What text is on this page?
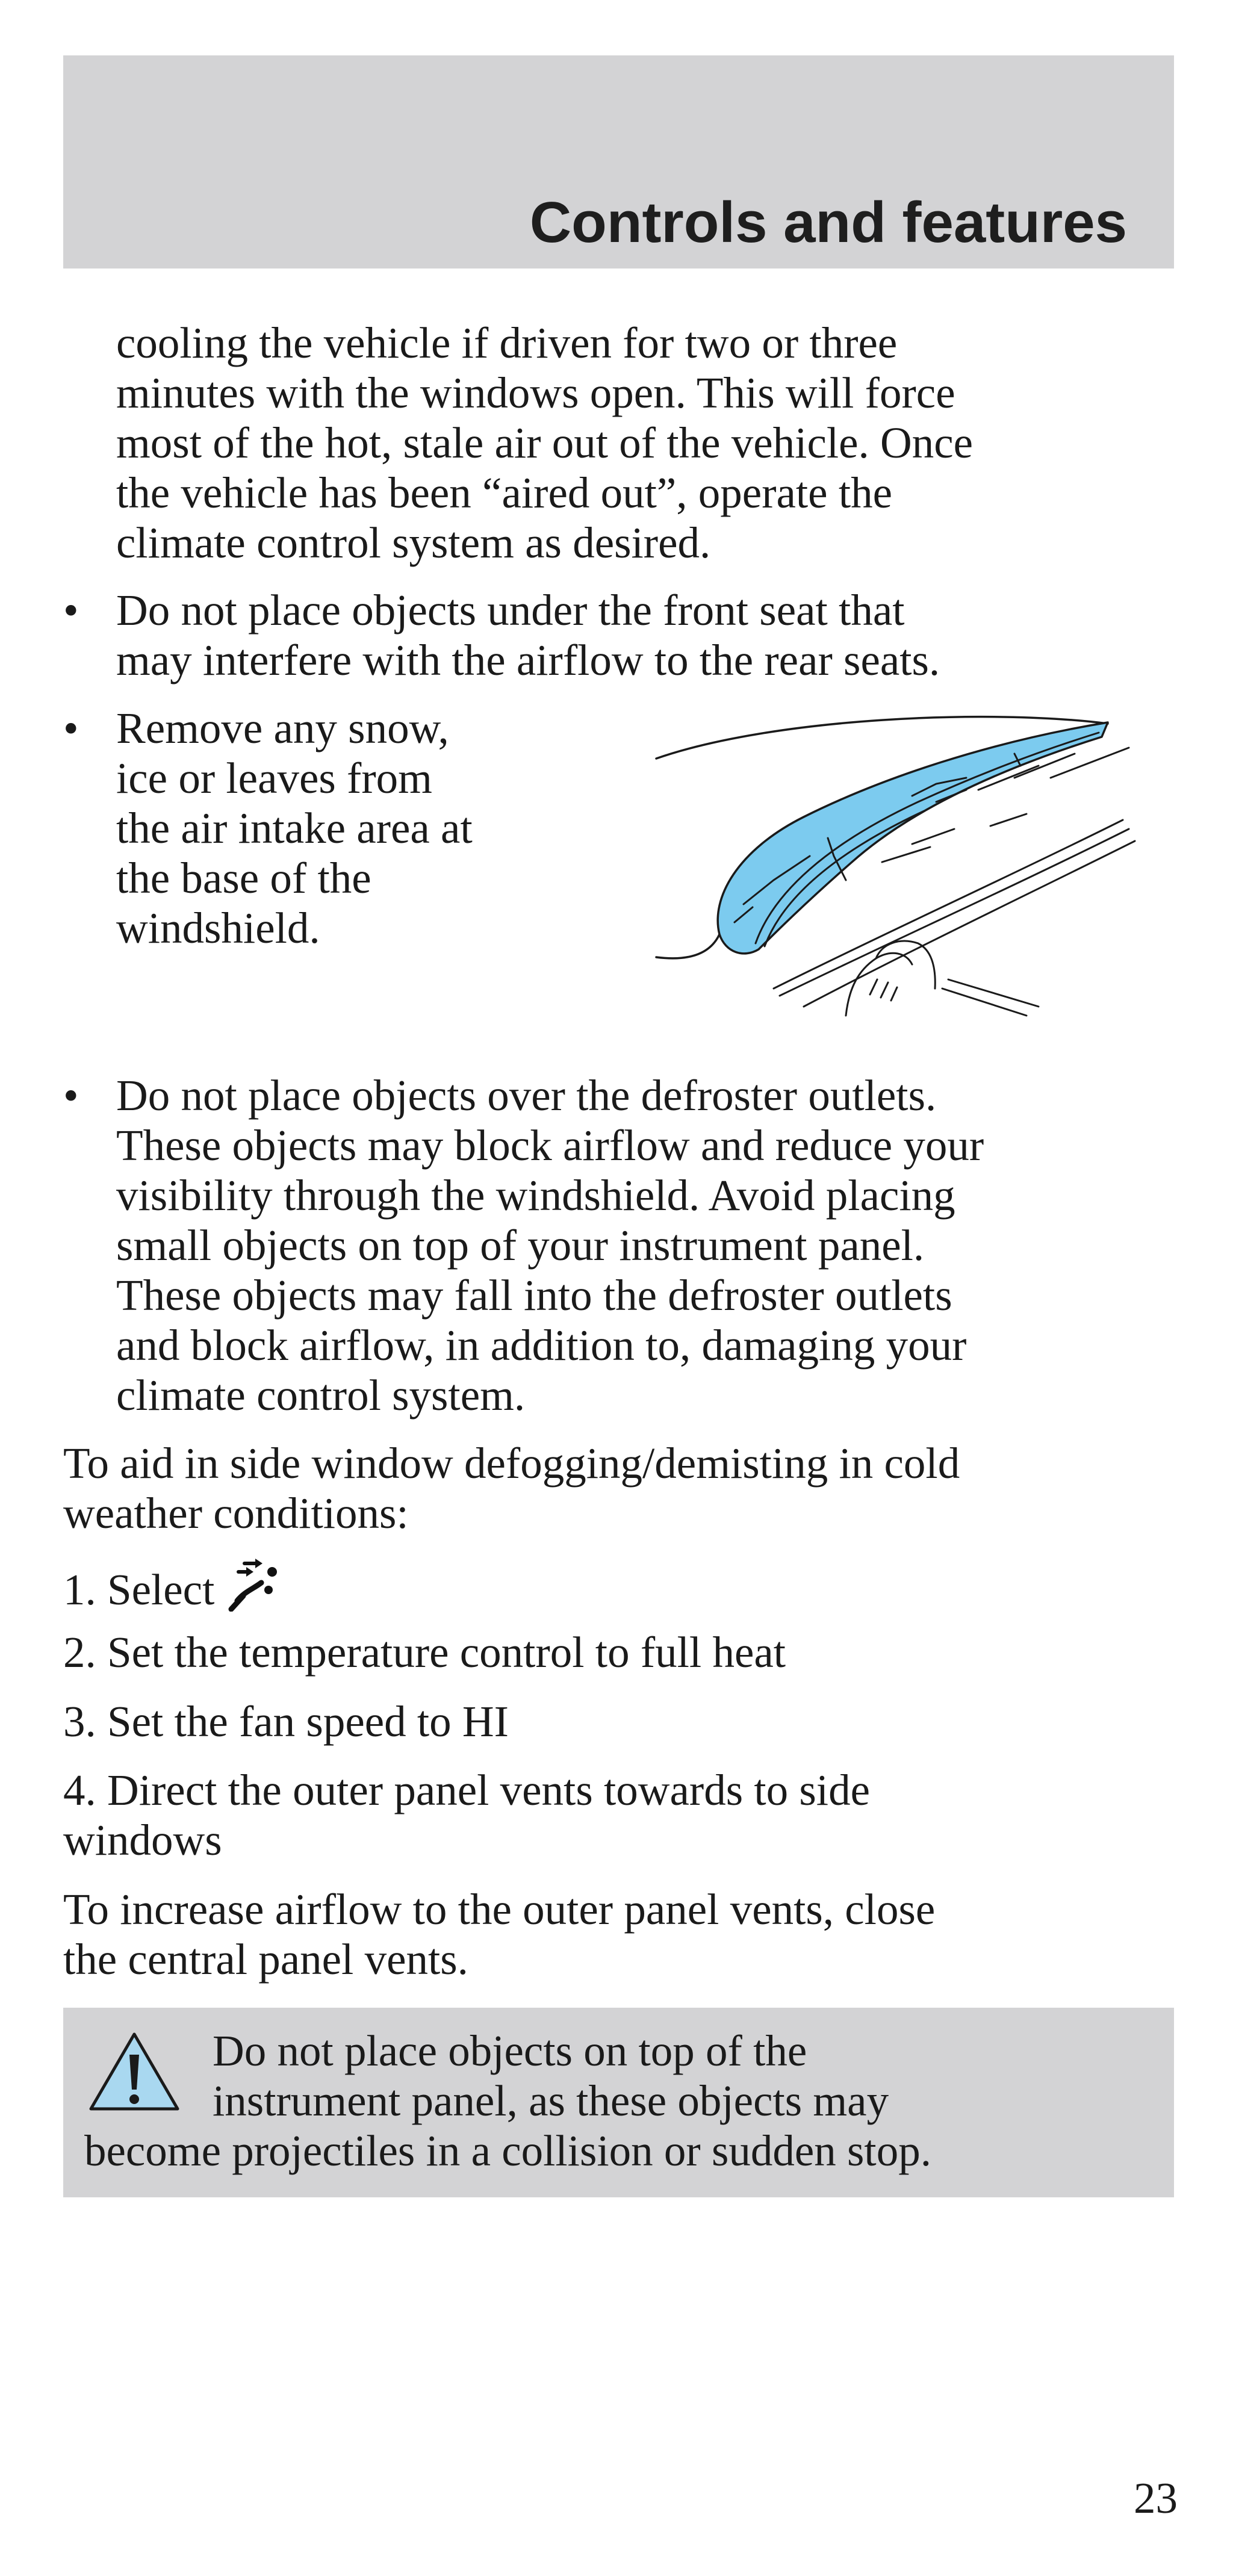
Controls and features

cooling the vehicle if driven for two or three

minutes with the windows open. This will force

most of the hot, stale air out of the vehicle. Once

the vehicle has been “aired out”, operate the

climate control system as desired.

• Do not place objects under the front seat that

may interfere with the airflow to the rear seats.

• Remove any snow,

ice or leaves from

the air intake area at

the base of the

windshield.

• Do not place objects over the defroster outlets.

These objects may block airflow and reduce your

visibility through the windshield. Avoid placing

small objects on top of your instrument panel.

These objects may fall into the defroster outlets

and block airflow, in addition to, damaging your

climate control system.

To aid in side window defogging/demisting in cold

weather conditions:

1. Select

2. Set the temperature control to full heat

3. Set the fan speed to HI

4. Direct the outer panel vents towards to side

windows

To increase airflow to the outer panel vents, close

the central panel vents.

Do not place objects on top of the

instrument panel, as these objects may

become projectiles in a collision or sudden stop.

23
